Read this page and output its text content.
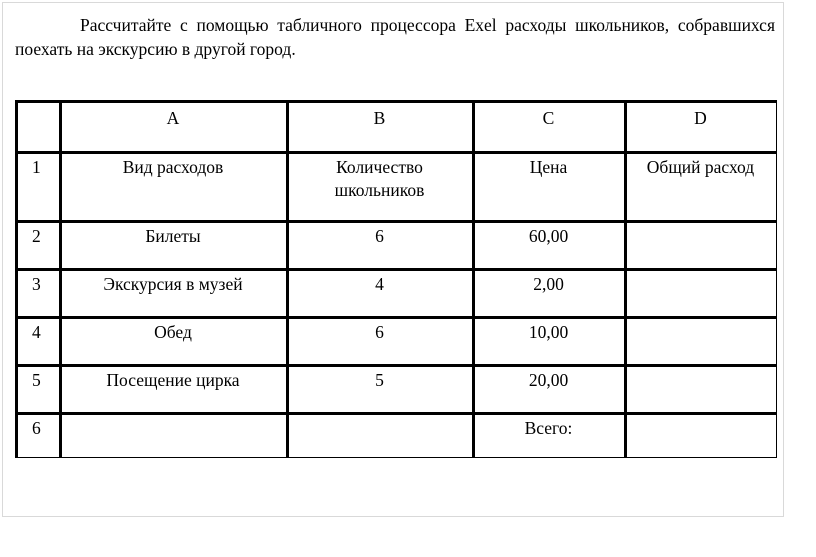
Рассчитайте с помощью табличного процессора Exel расходы школьников, собравшихся поехать на экскурсию в другой город.

	A	B	C	D
1	Вид расходов	Количество школьников	Цена	Общий расход
2	Билеты	6	60,00	
3	Экскурсия в музей	4	2,00	
4	Обед	6	10,00	
5	Посещение цирка	5	20,00	
6			Всего:	
